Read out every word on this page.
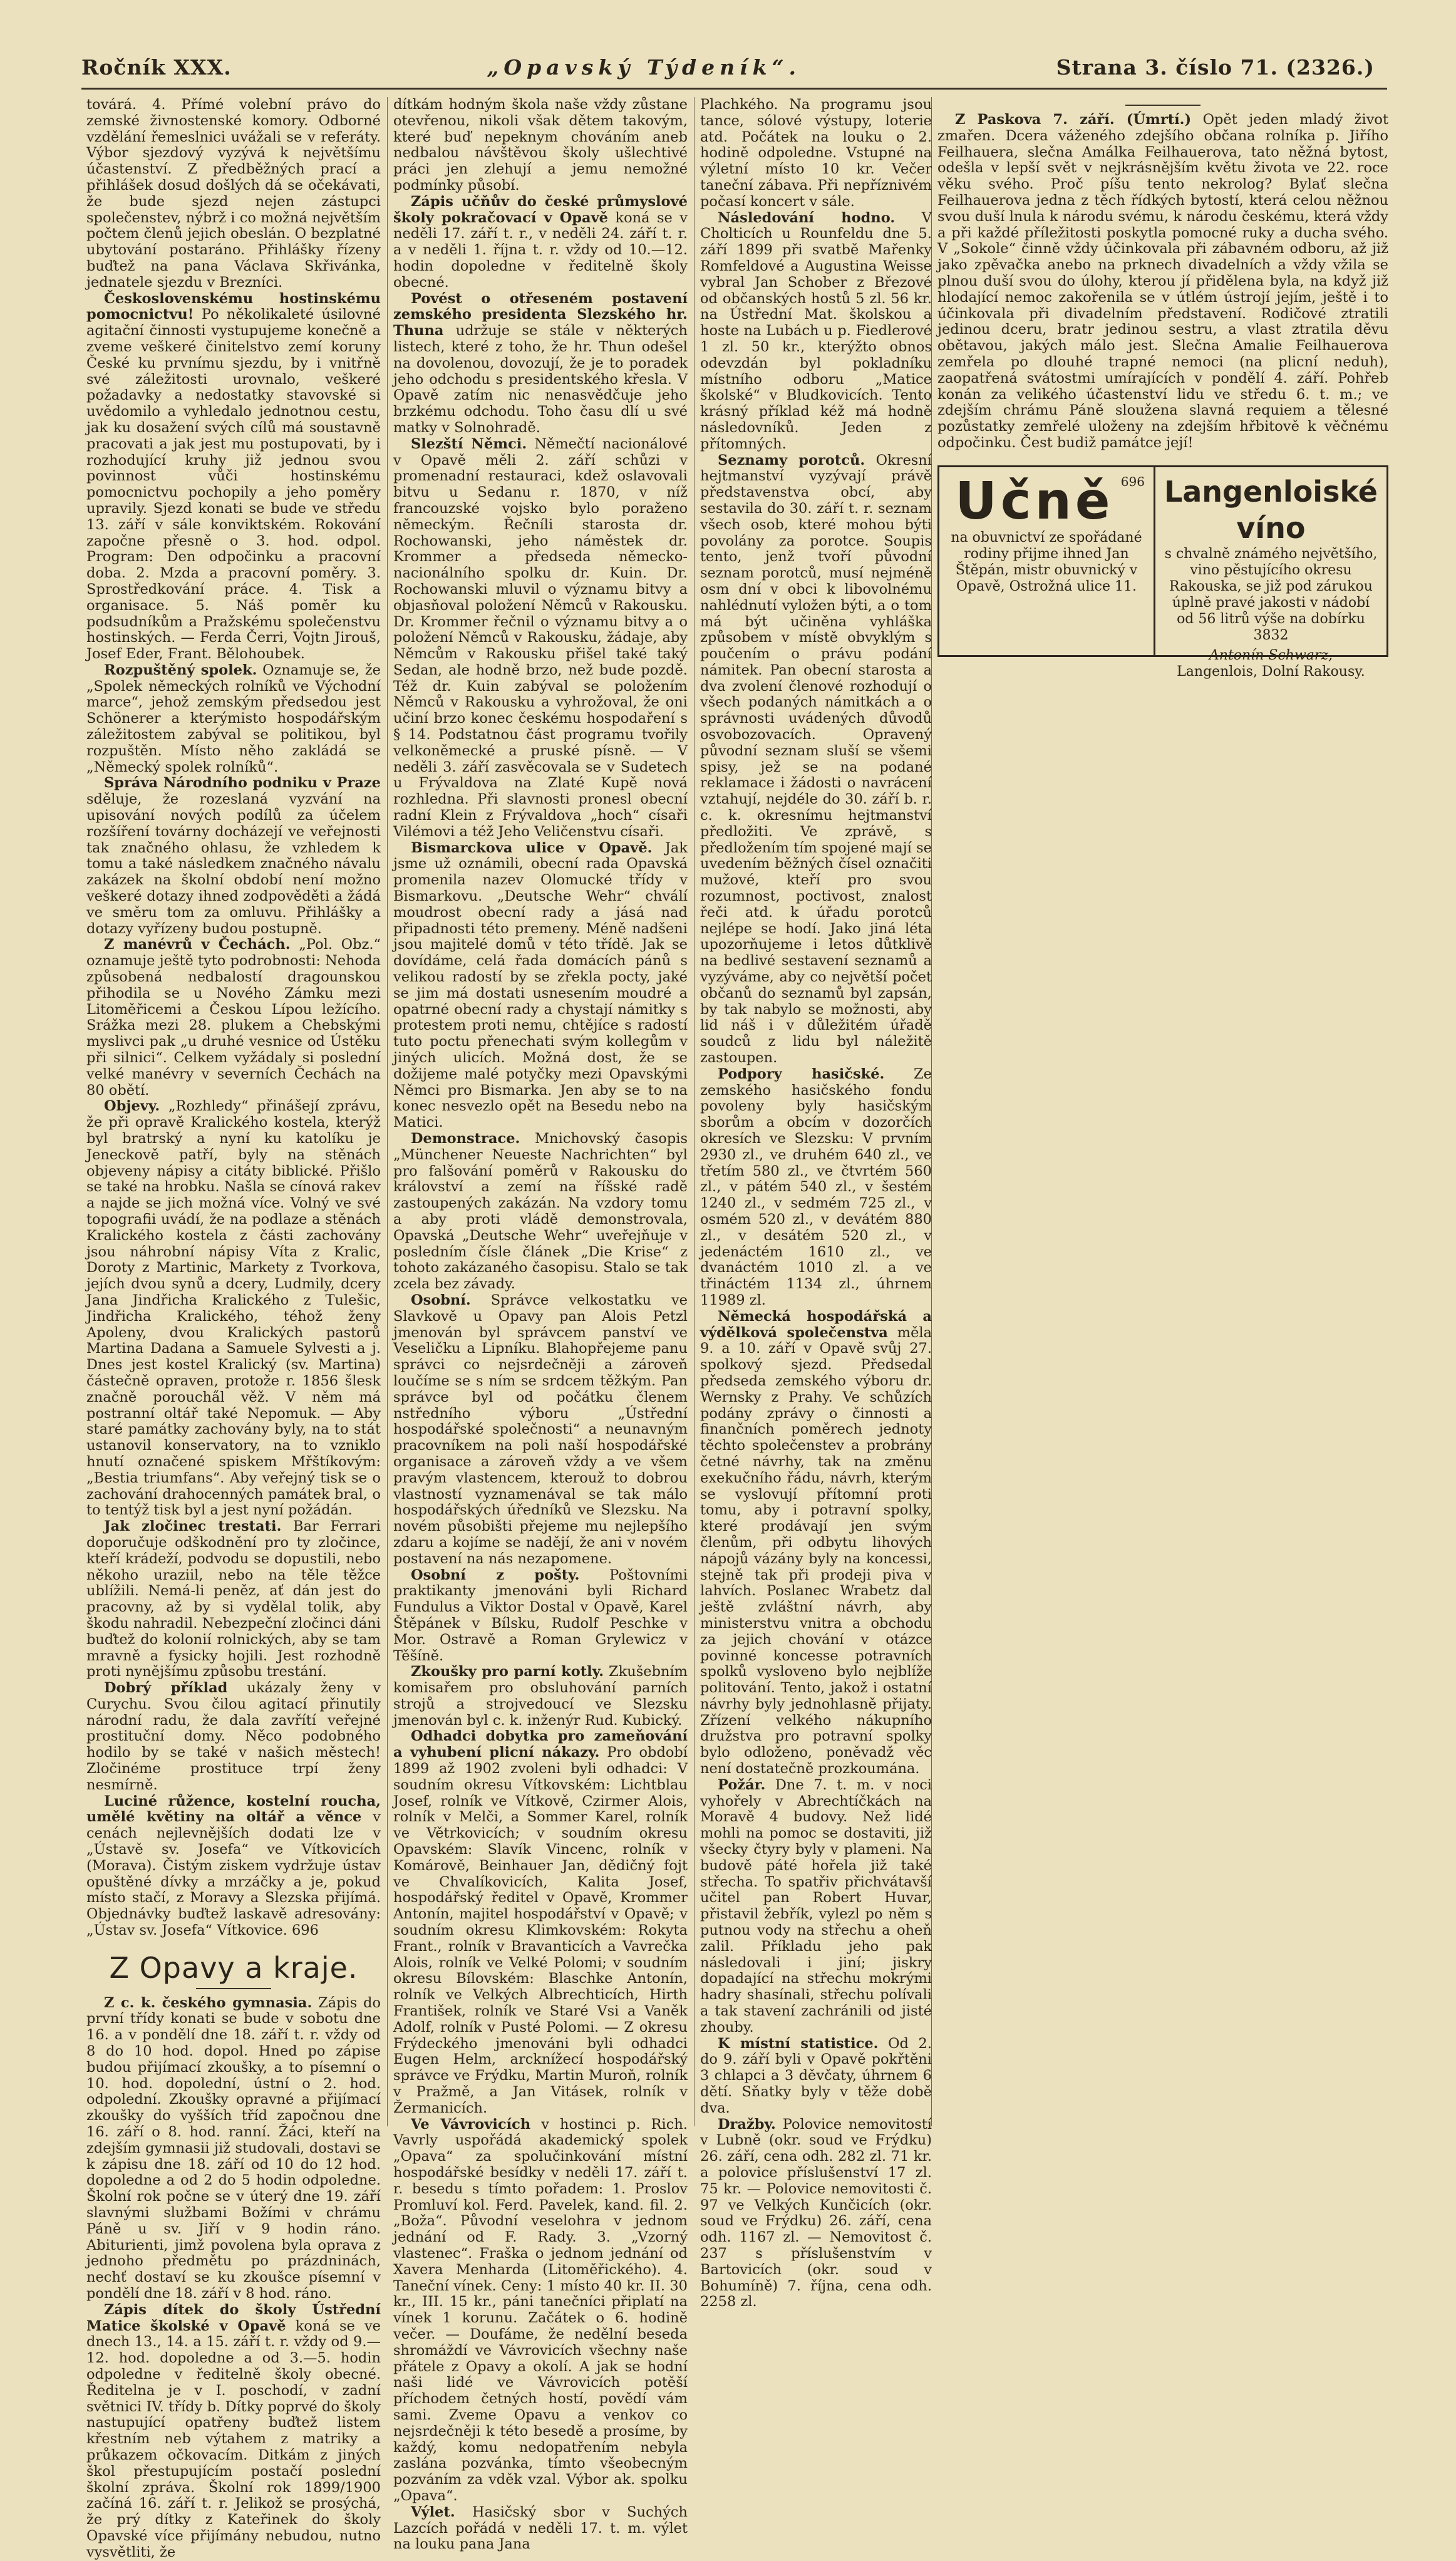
Ročník XXX.	„Opavský Týdeník“.	Strana 3. číslo 71. (2326.)

továrá. 4. Přímé volební právo do zemské živnostenské komory. Odborné vzdělání řemeslnici uvážali se v referáty. Výbor sjezdový vyzývá k největšímu účastenství. Z předběžných prací a přihlášek dosud došlých dá se očekávati, že bude sjezd nejen zástupci společenstev, nýbrž i co možná největším počtem členů jejich obeslán. O bezplatné ubytování postaráno. Přihlášky řízeny buďtež na pana Václava Skřivánka, jednatele sjezdu v Brezníci.

Československému hostinskému pomocnictvu! Po několikaleté úsilovné agitační činnosti vystupujeme konečně a zveme veškeré činitelstvo zemí koruny České ku prvnímu sjezdu, by i vnitřně své záležitosti urovnalo, veškeré požadavky a nedostatky stavovské si uvědomilo a vyhledalo jednotnou cestu, jak ku dosažení svých cílů má soustavně pracovati a jak jest mu postupovati, by i rozhodující kruhy již jednou svou povinnost vůči hostinskému pomocnictvu pochopily a jeho poměry upravily. Sjezd konati se bude ve středu 13. září v sále konviktském. Rokování započne přesně o 3. hod. odpol. Program: Den odpočinku a pracovní doba. 2. Mzda a pracovní poměry. 3. Sprostředkování práce. 4. Tisk a organisace. 5. Náš poměr ku podsudníkům a Pražskému společenstvu hostinských. — Ferda Čerri, Vojtn Jirouš, Josef Eder, Frant. Bělohoubek.

Rozpuštěný spolek. Oznamuje se, že „Spolek německých rolníků ve Východní marce“, jehož zemským předsedou jest Schönerer a kterýmisto hospodářským záležitostem zabýval se politikou, byl rozpuštěn. Místo něho zakládá se „Německý spolek rolníků“.

Správa Národního podniku v Praze sděluje, že rozeslaná vyzvání na upisování nových podílů za účelem rozšíření továrny docházejí ve veřejnosti tak značného ohlasu, že vzhledem k tomu a také následkem značného návalu zakázek na školní období není možno veškeré dotazy ihned zodpověděti a žádá ve směru tom za omluvu. Přihlášky a dotazy vyřízeny budou postupně.

Z manévrů v Čechách. „Pol. Obz.“ oznamuje ještě tyto podrobnosti: Nehoda způsobená nedbalostí dragounskou přihodila se u Nového Zámku mezi Litoměřicemi a Českou Lípou ležícího. Srážka mezi 28. plukem a Chebskými myslivci pak „u druhé vesnice od Ústěku při silnici“. Celkem vyžádaly si poslední velké manévry v severních Čechách na 80 obětí.

Objevy. „Rozhledy“ přinášejí zprávu, že při opravě Kralického kostela, kterýž byl bratrský a nyní ku katolíku je Jeneckově patří, byly na stěnách objeveny nápisy a citáty biblické. Přišlo se také na hrobku. Našla se cínová rakev a najde se jich možná více. Volný ve své topografii uvádí, že na podlaze a stěnách Kralického kostela z části zachovány jsou náhrobní nápisy Víta z Kralic, Doroty z Martinic, Markety z Tvorkova, jejích dvou synů a dcery, Ludmily, dcery Jana Jindřicha Kralického z Tulešic, Jindřicha Kralického, téhož ženy Apoleny, dvou Kralických pastorů Martina Dadana a Samuele Sylvesti a j. Dnes jest kostel Kralický (sv. Martina) částečně opraven, protože r. 1856 šlesk značně poroucha̋l věž. V něm má postranní oltář také Nepomuk. — Aby staré památky zachovány byly, na to stát ustanovil konservatory, na to vzniklo hnutí označené spiskem Mřštíkovým: „Bestia triumfans“. Aby veřejný tisk se o zachování drahocenných památek bral, o to tentýž tisk byl a jest nyní požádán.

Jak zločinec trestati. Bar Ferrari doporučuje odškodnění pro ty zločince, kteří krádeží, podvodu se dopustili, nebo někoho uraziil, nebo na těle těžce ublížili. Nemá-li peněz, ať dán jest do pracovny, až by si vydělal tolik, aby škodu nahradil. Nebezpeční zločinci dáni buďtež do kolonií rolnických, aby se tam mravně a fysicky hojili. Jest rozhodně proti nynějšímu způsobu trestání.

Dobrý příklad ukázaly ženy v Curychu. Svou čilou agitací přinutily národní radu, že dala zavřítí veřejné prostituční domy. Něco podobného hodilo by se také v našich městech! Zločinéme prostituce trpí ženy nesmírně.

Luciné růžence, kostelní roucha, umělé květiny na oltář a věnce v cenách nejlevnějších dodati lze v „Ústavě sv. Josefa“ ve Vítkovicích (Morava). Čistým ziskem vydržuje ústav opuštěné dívky a mrzáčky a je, pokud místo stačí, z Moravy a Slezska přijímá. Objednávky buďtež laskavě adresovány: „Ústav sv. Josefa“ Vítkovice. 696

Z Opavy a kraje.

Z c. k. českého gymnasia. Zápis do první třídy konati se bude v sobotu dne 16. a v pondělí dne 18. září t. r. vždy od 8 do 10 hod. dopol. Hned po zápise budou přijímací zkoušky, a to písemní o 10. hod. dopolední, ústní o 2. hod. odpolední. Zkoušky opravné a přijímací zkoušky do vyšších tříd započnou dne 16. září o 8. hod. ranní. Žáci, kteří na zdejším gymnasii již studovali, dostavi se k zápisu dne 18. září od 10 do 12 hod. dopoledne a od 2 do 5 hodin odpoledne. Školní rok počne se v úterý dne 19. září slavnými službami Božími v chrámu Páně u sv. Jiří v 9 hodin ráno. Abiturienti, jimž povolena byla oprava z jednoho předmětu po prázdninách, nechť dostaví se ku zkoušce písemní v pondělí dne 18. září v 8 hod. ráno.

Zápis dítek do školy Ústřední Matice školské v Opavě koná se ve dnech 13., 14. a 15. září t. r. vždy od 9.—12. hod. dopoledne a od 3.—5. hodin odpoledne v ředitelně školy obecné. Ředitelna je v I. poschodí, v zadní světnici IV. třídy b. Dítky poprvé do školy nastupující opatřeny buďtež listem křestním neb výtahem z matriky a průkazem očkovacím. Ditkám z jiných škol přestupujícím postačí poslední školní zpráva. Školní rok 1899/1900 začíná 16. září t. r. Jelikož se prosýchá, že prý dítky z Kateřinek do školy Opavské více přijímány nebudou, nutno vysvětliti, že

dítkám hodným škola naše vždy zůstane otevřenou, nikoli však dětem takovým, které buď nepeknym chováním aneb nedbalou návštěvou školy ušlechtivé práci jen zlehují a jemu nemožné podmínky působí.

Zápis učňův do české průmyslové školy pokračovací v Opavě koná se v neděli 17. září t. r., v neděli 24. září t. r. a v neděli 1. října t. r. vždy od 10.—12. hodin dopoledne v ředitelně školy obecné.

Povést o otřeseném postavení zemského presidenta Slezského hr. Thuna udržuje se stále v některých listech, které z toho, že hr. Thun odešel na dovolenou, dovozují, že je to poradek jeho odchodu s presidentského křesla. V Opavě zatím nic nenasvědčuje jeho brzkému odchodu. Toho času dlí u své matky v Solnohradě.

Slezští Němci. Němečtí nacionálové v Opavě měli 2. září schůzi v promenadní restauraci, kdež oslavovali bitvu u Sedanu r. 1870, v níž francouzské vojsko bylo poraženo německým. Řečníli starosta dr. Rochowanski, jeho náměstek dr. Krommer a předseda německo-nacionálního spolku dr. Kuin. Dr. Rochowanski mluvil o významu bitvy a objasňoval položení Němců v Rakousku. Dr. Krommer řečnil o významu bitvy a o položení Němců v Rakousku, žádaje, aby Němcům v Rakousku přišel také taký Sedan, ale hodně brzo, než bude pozdě. Též dr. Kuin zabýval se položením Němců v Rakousku a vyhrožoval, že oni učiní brzo konec českému hospodaření s § 14. Podstatnou část programu tvořily velkoněmecké a pruské písně. — V neděli 3. září zasvěcovala se v Sudetech u Frývaldova na Zlaté Kupě nová rozhledna. Při slavnosti pronesl obecní radní Klein z Frývaldova „hoch“ císaři Vilémovi a též Jeho Veličenstvu císaři.

Bismarckova ulice v Opavě. Jak jsme už oznámili, obecní rada Opavská promenila nazev Olomucké třídy v Bismarkovu. „Deutsche Wehr“ chválí moudrost obecní rady a jásá nad připadnosti této premeny. Méně nadšeni jsou majitelé domů v této třídě. Jak se dovídáme, celá řada domácích pánů s velikou radostí by se zřekla pocty, jaké se jim má dostati usnesením moudré a opatrné obecní rady a chystají námitky s protestem proti nemu, chtějíce s radostí tuto poctu přenechati svým kollegům v jiných ulicích. Možná dost, že se dožijeme malé potyčky mezi Opavskými Němci pro Bismarka. Jen aby se to na konec nesvezlo opět na Besedu nebo na Matici.

Demonstrace. Mnichovský časopis „Münchener Neueste Nachrichten“ byl pro falšování poměrů v Rakousku do království a zemí na říšské radě zastoupených zakázán. Na vzdory tomu a aby proti vládě demonstrovala, Opavská „Deutsche Wehr“ uveřejňuje v posledním čísle článek „Die Krise“ z tohoto zakázaného časopisu. Stalo se tak zcela bez závady.

Osobní. Správce velkostatku ve Slavkově u Opavy pan Alois Petzl jmenován byl správcem panství ve Veseličku a Lipníku. Blahopřejeme panu správci co nejsrdečněji a zároveň loučíme se s ním se srdcem těžkým. Pan správce byl od počátku členem nstředního výboru „Ústřední hospodářské společnosti“ a neunavným pracovníkem na poli naší hospodářské organisace a zároveň vždy a ve všem pravým vlastencem, kterouž to dobrou vlastností vyznamenával se tak málo hospodářských úředníků ve Slezsku. Na novém působišti přejeme mu nejlepšího zdaru a kojíme se nadějí, že ani v novém postavení na nás nezapomene.

Osobní z pošty. Poštovními praktikanty jmenováni byli Richard Fundulus a Viktor Dostal v Opavě, Karel Štěpánek v Bílsku, Rudolf Peschke v Mor. Ostravě a Roman Grylewicz v Těšíně.

Zkoušky pro parní kotly. Zkušebním komisařem pro obsluhování parních strojů a strojvedoucí ve Slezsku jmenován byl c. k. inženýr Rud. Kubický.

Odhadci dobytka pro zameňování a vyhubení plicní nákazy. Pro období 1899 až 1902 zvoleni byli odhadci: V soudním okresu Vítkovském: Lichtblau Josef, rolník ve Vítkově, Czirmer Alois, rolník v Melči, a Sommer Karel, rolník ve Větrkovicích; v soudním okresu Opavském: Slavík Vincenc, rolník v Komárově, Beinhauer Jan, dědičný fojt ve Chvalíkovicích, Kalita Josef, hospodářský ředitel v Opavě, Krommer Antonín, majitel hospodářství v Opavě; v soudním okresu Klimkovském: Rokyta Frant., rolník v Bravanticích a Vavrečka Alois, rolník ve Velké Polomi; v soudním okresu Bílovském: Blaschke Antonín, rolník ve Velkých Albrechticích, Hirth František, rolník ve Staré Vsi a Vaněk Adolf, rolník v Pusté Polomi. — Z okresu Frýdeckého jmenováni byli odhadci Eugen Helm, arcknížecí hospodářský správce ve Frýdku, Martin Muroň, rolník v Pražmě, a Jan Vitásek, rolník v Žermanicích.

Ve Vávrovicích v hostinci p. Rich. Vavrly uspořádá akademický spolek „Opava“ za spolučinkování místní hospodářské besídky v neděli 17. září t. r. besedu s tímto pořadem: 1. Proslov Promluví kol. Ferd. Pavelek, kand. fil. 2. „Boža“. Původní veselohra v jednom jednání od F. Rady. 3. „Vzorný vlastenec“. Fraška o jednom jednání od Xavera Menharda (Litoměřického). 4. Taneční vínek. Ceny: 1 místo 40 kr. II. 30 kr., III. 15 kr., páni tanečníci připlatí na vínek 1 korunu. Začátek o 6. hodině večer. — Doufáme, že nedělní beseda shromáždí ve Vávrovicích všechny naše přátele z Opavy a okolí. A jak se hodní naši lidé ve Vávrovicích potěší příchodem četných hostí, povědí vám sami. Zveme Opavu a venkov co nejsrdečněji k této besedě a prosíme, by každý, komu nedopatřením nebyla zaslána pozvánka, tímto všeobecným pozváním za vděk vzal. Výbor ak. spolku „Opava“.

Výlet. Hasičský sbor v Suchých Lazcích pořádá v neděli 17. t. m. výlet na louku pana Jana

Plachkého. Na programu jsou tance, sólové výstupy, loterie atd. Počátek na louku o 2. hodině odpoledne. Vstupné na výletní místo 10 kr. Večer taneční zábava. Při nepříznivém počasí koncert v sále.

Následování hodno. V Cholticích u Rounfeldu dne 5. září 1899 při svatbě Mařenky Romfeldové a Augustina Weisse vybral Jan Schober z Březové od občanských hostů 5 zl. 56 kr. na Ústřední Mat. školskou a hoste na Lubách u p. Fiedlerové 1 zl. 50 kr., kterýžto obnos odevzdán byl pokladníku místního odboru „Matice školské“ v Bludkovicích. Tento krásný příklad kéž má hodně následovníků. Jeden z přítomných.

Seznamy porotců. Okresní hejtmanství vyzývají právě představenstva obcí, aby sestavila do 30. září t. r. seznam všech osob, které mohou býti povolány za porotce. Soupis tento, jenž tvoří původní seznam porotců, musí nejméně osm dní v obci k libovolnému nahlédnutí vyložen býti, a o tom má být učiněna vyhláška způsobem v místě obvyklým s poučením o právu podání námitek. Pan obecní starosta a dva zvolení členové rozhodují o všech podaných námitkách a o správnosti uvádených důvodů osvobozovacích. Opravený původní seznam sluší se všemi spisy, jež se na podané reklamace i žádosti o navrácení vztahují, nejdéle do 30. září b. r. c. k. okresnímu hejtmanství předložiti. Ve zprávě, s předložením tím spojené mají se uvedením běžných čísel označiti mužové, kteří pro svou rozumnost, poctivost, znalost řeči atd. k úřadu porotců nejlépe se hodí. Jako jiná léta upozorňujeme i letos důtklivě na bedlivé sestavení seznamů a vyzýváme, aby co největší počet občanů do seznamů byl zapsán, by tak nabylo se možnosti, aby lid náš i v důležitém úřadě soudců z lidu byl náležitě zastoupen.

Podpory hasičské. Ze zemského hasičského fondu povoleny byly hasičským sborům a obcím v dozorčích okresích ve Slezsku: V prvním 2930 zl., ve druhém 640 zl., ve třetím 580 zl., ve čtvrtém 560 zl., v pátém 540 zl., v šestém 1240 zl., v sedmém 725 zl., v osmém 520 zl., v devátém 880 zl., v desátém 520 zl., v jedenáctém 1610 zl., ve dvanáctém 1010 zl. a ve třináctém 1134 zl., úhrnem 11989 zl.

Německá hospodářská a výdělková společenstva měla 9. a 10. září v Opavě svůj 27. spolkový sjezd. Předsedal předseda zemského výboru dr. Wernsky z Prahy. Ve schůzích podány zprávy o činnosti a finančních poměrech jednoty těchto společenstev a probrány četné návrhy, tak na změnu exekučního řádu, návrh, kterým se vyslovují přítomní proti tomu, aby i potravní spolky, které prodávají jen svým členům, při odbytu lihových nápojů vázány byly na koncessi, stejně tak při prodeji piva v lahvích. Poslanec Wrabetz dal ještě zvláštní návrh, aby ministerstvu vnitra a obchodu za jejich chování v otázce povinné koncesse potravních spolků vysloveno bylo nejblíže politování. Tento, jakož i ostatní návrhy byly jednohlasně přijaty. Zřízení velkého nákupního družstva pro potravní spolky bylo odloženo, poněvadž věc není dostatečně prozkoumána.

Požár. Dne 7. t. m. v noci vyhořely v Abrechtíčkách na Moravě 4 budovy. Než lidé mohli na pomoc se dostaviti, již všecky čtyry byly v plameni. Na budově páté hořela již také střecha. To spatřiv přichvátavší učitel pan Robert Huvar, přistavil žebřík, vylezl po něm s putnou vody na střechu a oheň zalil. Příkladu jeho pak následovali i jiní; jiskry dopadající na střechu mokrými hadry shasínali, střechu polívali a tak stavení zachránili od jisté zhouby.

K místní statistice. Od 2. do 9. září byli v Opavě pokřtěni 3 chlapci a 3 děvčaty, úhrnem 6 dětí. Sňatky byly v těže době dva.

Dražby. Polovice nemovitostí v Lubně (okr. soud ve Frýdku) 26. září, cena odh. 282 zl. 71 kr. a polovice příslušenství 17 zl. 75 kr. — Polovice nemovitosti č. 97 ve Velkých Kunčicích (okr. soud ve Frýdku) 26. září, cena odh. 1167 zl. — Nemovitost č. 237 s příslušenstvím v Bartovicích (okr. soud v Bohumíně) 7. října, cena odh. 2258 zl.

Z Paskova 7. září. (Úmrtí.) Opět jeden mladý život zmařen. Dcera váženého zdejšího občana rolníka p. Jiřího Feilhauera, slečna Amálka Feilhauerova, tato něžná bytost, odešla v lepší svět v nejkrásnějším květu života ve 22. roce věku svého. Proč píšu tento nekrolog? Bylať slečna Feilhauerova jedna z těch řídkých bytostí, která celou něžnou svou duší lnula k národu svému, k národu českému, která vždy a při každé příležitosti poskytla pomocné ruky a ducha svého. V „Sokole“ činně vždy účinkovala při zábavném odboru, až již jako zpěvačka anebo na prknech divadelních a vždy vžila se plnou duší svou do úlohy, kterou jí přidělena byla, na když již hlodající nemoc zakořenila se v útlém ústrojí jejím, ještě i to účinkovala při divadelním představení. Rodičové ztratili jedinou dceru, bratr jedinou sestru, a vlast ztratila děvu obětavou, jakých málo jest. Slečna Amalie Feilhauerova zemřela po dlouhé trapné nemoci (na plicní neduh), zaopatřená svátostmi umírajících v pondělí 4. září. Pohřeb konán za velikého účastenství lidu ve středu 6. t. m.; ve zdejším chrámu Páně sloužena slavná requiem a tělesné pozůstatky zemřelé uloženy na zdejším hřbitově k věčnému odpočinku. Čest budiž památce její!

696
Učně
na obuvnictví ze spořádané rodiny přijme ihned Jan Štěpán, mistr obuvnický v Opavě, Ostrožná ulice 11.
Langenloiské víno
s chvalně známého největšího, vino pěstujícího okresu Rakouska, se již pod zárukou úplně pravé jakosti v nádobí od 56 litrů výše na dobírku
3832
Antonín Schwarz,
Langenlois, Dolní Rakousy.
